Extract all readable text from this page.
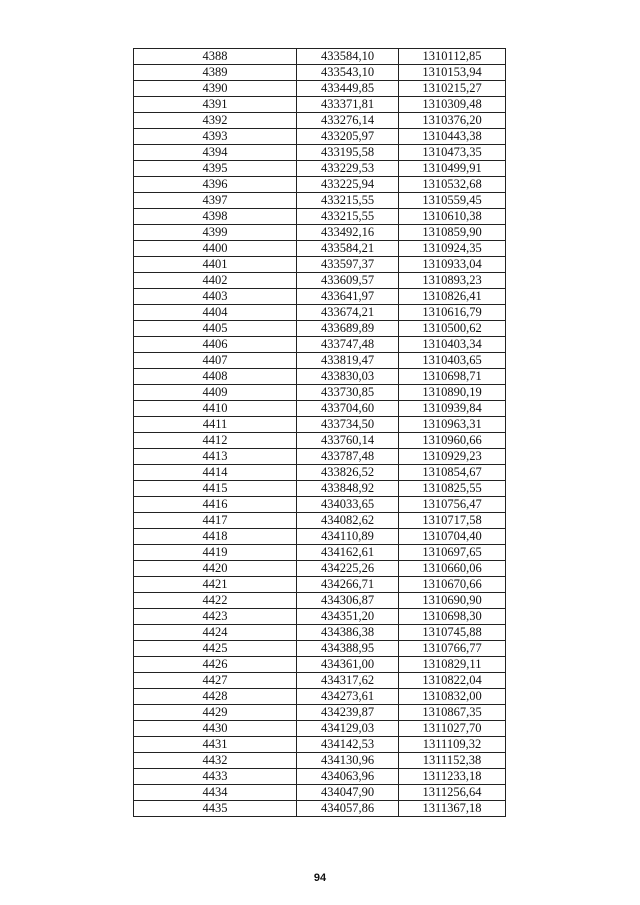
4388	433584,10	1310112,85
4389	433543,10	1310153,94
4390	433449,85	1310215,27
4391	433371,81	1310309,48
4392	433276,14	1310376,20
4393	433205,97	1310443,38
4394	433195,58	1310473,35
4395	433229,53	1310499,91
4396	433225,94	1310532,68
4397	433215,55	1310559,45
4398	433215,55	1310610,38
4399	433492,16	1310859,90
4400	433584,21	1310924,35
4401	433597,37	1310933,04
4402	433609,57	1310893,23
4403	433641,97	1310826,41
4404	433674,21	1310616,79
4405	433689,89	1310500,62
4406	433747,48	1310403,34
4407	433819,47	1310403,65
4408	433830,03	1310698,71
4409	433730,85	1310890,19
4410	433704,60	1310939,84
4411	433734,50	1310963,31
4412	433760,14	1310960,66
4413	433787,48	1310929,23
4414	433826,52	1310854,67
4415	433848,92	1310825,55
4416	434033,65	1310756,47
4417	434082,62	1310717,58
4418	434110,89	1310704,40
4419	434162,61	1310697,65
4420	434225,26	1310660,06
4421	434266,71	1310670,66
4422	434306,87	1310690,90
4423	434351,20	1310698,30
4424	434386,38	1310745,88
4425	434388,95	1310766,77
4426	434361,00	1310829,11
4427	434317,62	1310822,04
4428	434273,61	1310832,00
4429	434239,87	1310867,35
4430	434129,03	1311027,70
4431	434142,53	1311109,32
4432	434130,96	1311152,38
4433	434063,96	1311233,18
4434	434047,90	1311256,64
4435	434057,86	1311367,18
94
